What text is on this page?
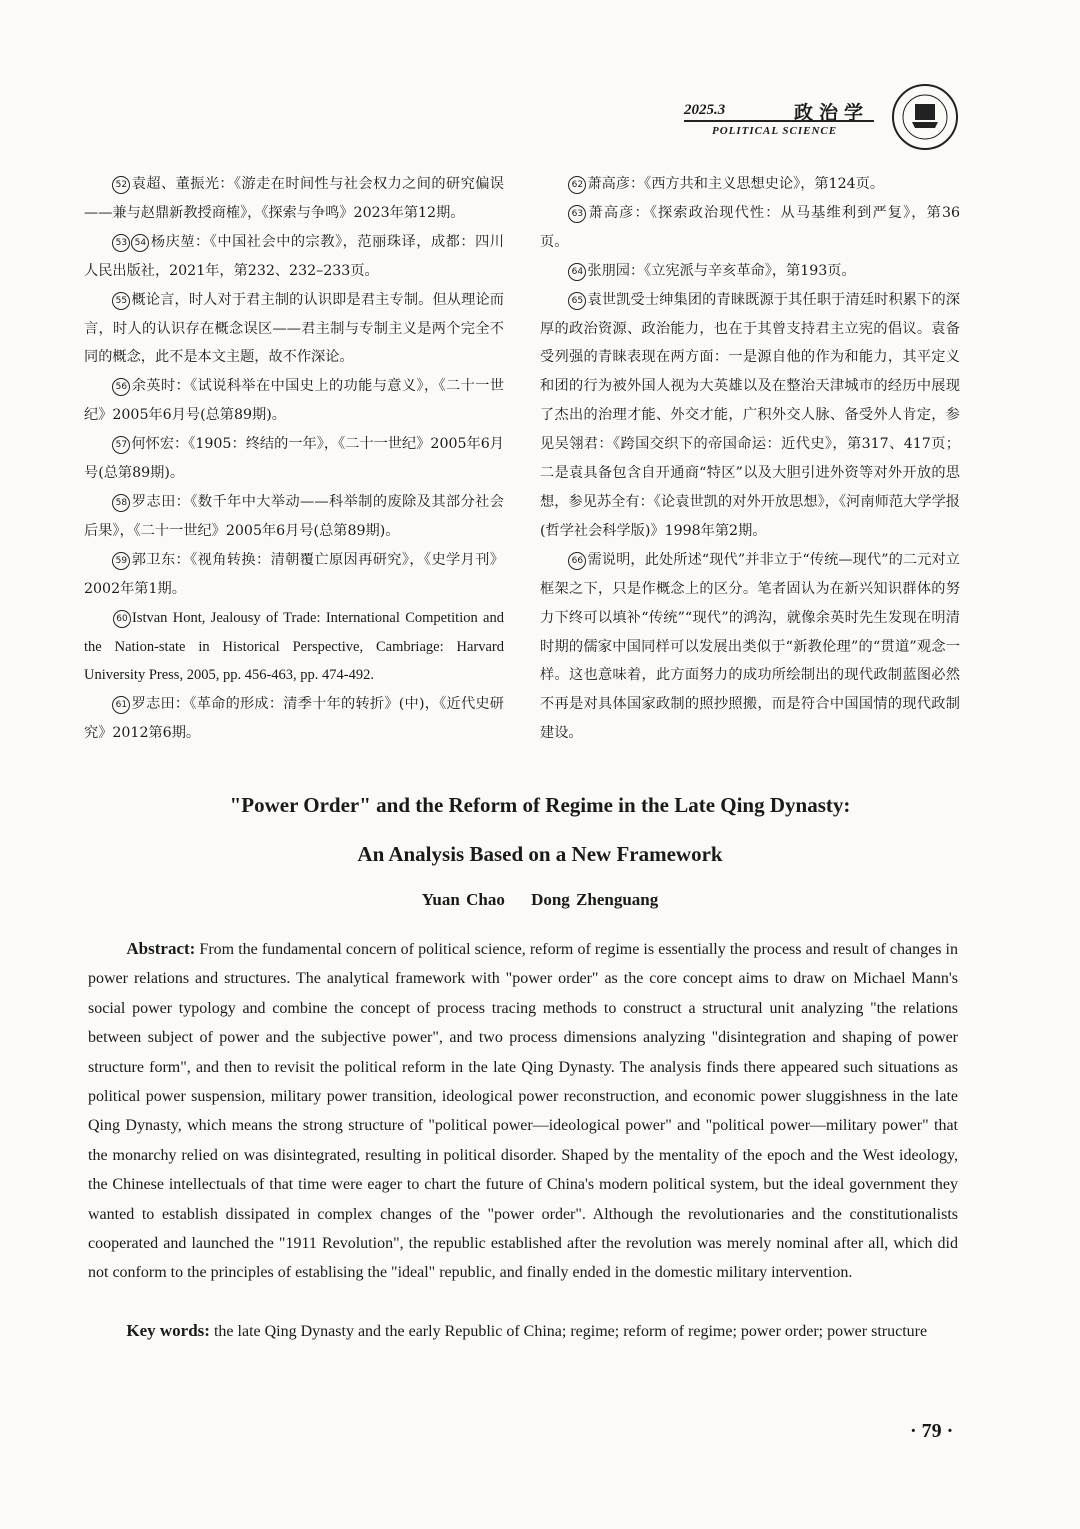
2025.3	政治学
POLITICAL SCIENCE

52 袁超、董振光：《游走在时间性与社会权力之间的研究偏误——兼与赵鼎新教授商榷》，《探索与争鸣》2023年第12期。

53 54 杨庆堃：《中国社会中的宗教》，范丽珠译，成都：四川人民出版社，2021年，第232、232–233页。

55 概论言，时人对于君主制的认识即是君主专制。但从理论而言，时人的认识存在概念误区——君主制与专制主义是两个完全不同的概念，此不是本文主题，故不作深论。

56 余英时：《试说科举在中国史上的功能与意义》，《二十一世纪》2005年6月号(总第89期)。

57 何怀宏：《1905：终结的一年》，《二十一世纪》2005年6月号(总第89期)。

58 罗志田：《数千年中大举动——科举制的废除及其部分社会后果》，《二十一世纪》2005年6月号(总第89期)。

59 郭卫东：《视角转换：清朝覆亡原因再研究》，《史学月刊》2002年第1期。

60 Istvan Hont, Jealousy of Trade: International Competition and the Nation-state in Historical Perspective, Cambriage: Harvard University Press, 2005, pp. 456-463, pp. 474-492.

61 罗志田：《革命的形成：清季十年的转折》(中)，《近代史研究》2012第6期。

62 萧高彦：《西方共和主义思想史论》，第124页。

63 萧高彦：《探索政治现代性：从马基维利到严复》，第36页。

64 张朋园：《立宪派与辛亥革命》，第193页。

65 袁世凯受士绅集团的青睐既源于其任职于清廷时积累下的深厚的政治资源、政治能力，也在于其曾支持君主立宪的倡议。袁备受列强的青睐表现在两方面：一是源自他的作为和能力，其平定义和团的行为被外国人视为大英雄以及在整治天津城市的经历中展现了杰出的治理才能、外交才能，广积外交人脉、备受外人肯定，参见吴翎君：《跨国交织下的帝国命运：近代史》，第317、417页；二是袁具备包含自开通商“特区”以及大胆引进外资等对外开放的思想，参见苏全有：《论袁世凯的对外开放思想》，《河南师范大学学报(哲学社会科学版)》1998年第2期。

66 需说明，此处所述“现代”并非立于“传统—现代”的二元对立框架之下，只是作概念上的区分。笔者固认为在新兴知识群体的努力下终可以填补“传统”“现代”的鸿沟，就像余英时先生发现在明清时期的儒家中国同样可以发展出类似于“新教伦理”的“贯道”观念一样。这也意味着，此方面努力的成功所绘制出的现代政制蓝图必然不再是对具体国家政制的照抄照搬，而是符合中国国情的现代政制建设。

"Power Order" and the Reform of Regime in the Late Qing Dynasty:
An Analysis Based on a New Framework
Yuan Chao Dong Zhenguang

Abstract: From the fundamental concern of political science, reform of regime is essentially the process and result of changes in power relations and structures. The analytical framework with "power order" as the core concept aims to draw on Michael Mann's social power typology and combine the concept of process tracing methods to construct a structural unit analyzing "the relations between subject of power and the subjective power", and two process dimensions analyzing "disintegration and shaping of power structure form", and then to revisit the political reform in the late Qing Dynasty. The analysis finds there appeared such situations as political power suspension, military power transition, ideological power reconstruction, and economic power sluggishness in the late Qing Dynasty, which means the strong structure of "political power—ideological power" and "political power—military power" that the monarchy relied on was disintegrated, resulting in political disorder. Shaped by the mentality of the epoch and the West ideology, the Chinese intellectuals of that time were eager to chart the future of China's modern political system, but the ideal government they wanted to establish dissipated in complex changes of the "power order". Although the revolutionaries and the constitutionalists cooperated and launched the "1911 Revolution", the republic established after the revolution was merely nominal after all, which did not conform to the principles of establising the "ideal" republic, and finally ended in the domestic military intervention.

Key words: the late Qing Dynasty and the early Republic of China; regime; reform of regime; power order; power structure

· 79 ·
